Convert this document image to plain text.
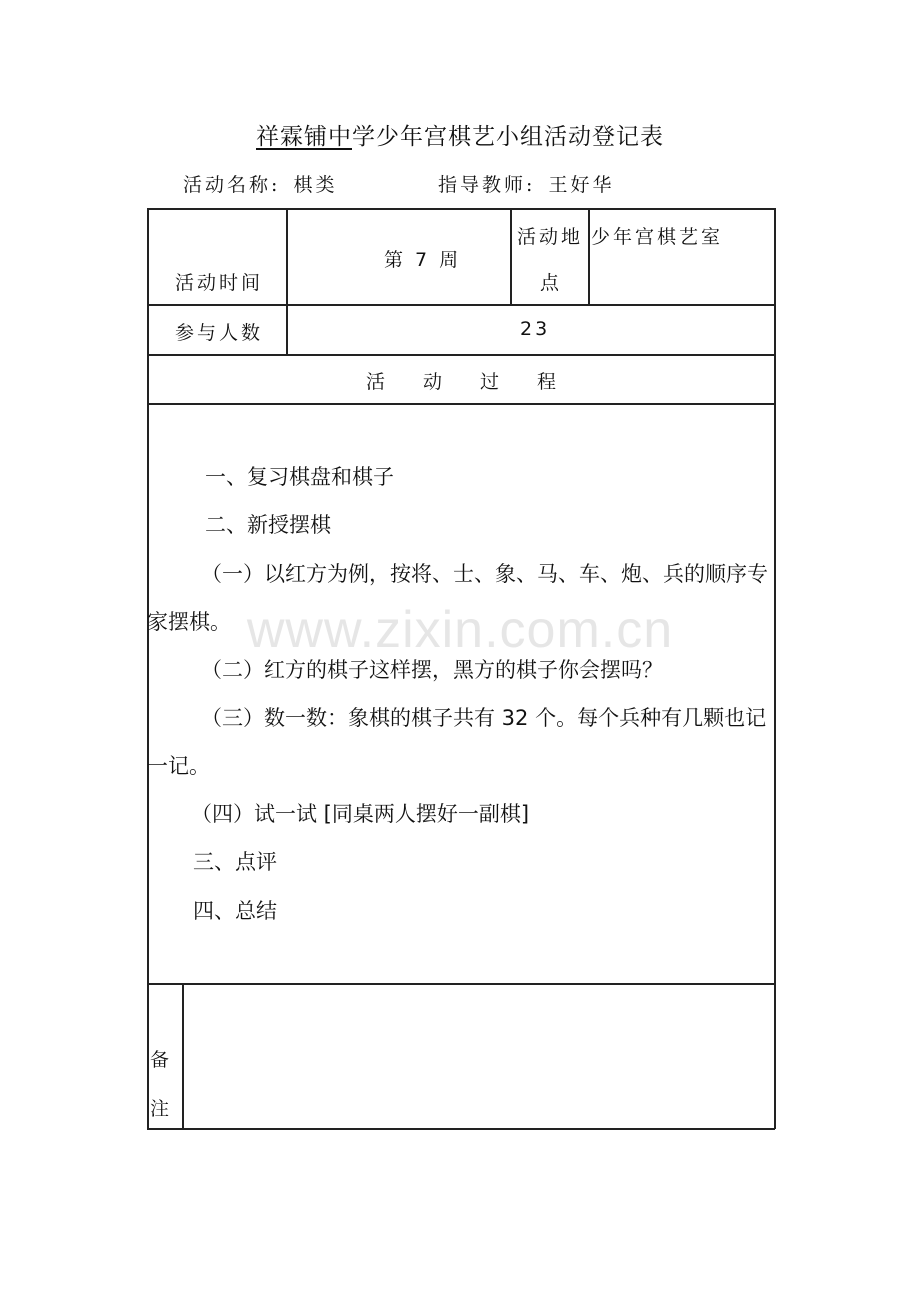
祥霖铺中学少年宫棋艺小组活动登记表
活动名称: 棋类	指导教师: 王好华
活动时间
第 7 周
活动地
点
少年宫棋艺室
参与人数	23
活　　动　　过　　程
一、复习棋盘和棋子
二、新授摆棋
（一）以红方为例，按将、士、象、马、车、炮、兵的顺序专家摆棋。
（二）红方的棋子这样摆，黑方的棋子你会摆吗？
（三）数一数：象棋的棋子共有 32 个。每个兵种有几颗也记一记。
（四）试一试 [同桌两人摆好一副棋]
三、点评
四、总结
备
注
www.zixin.com.cn
